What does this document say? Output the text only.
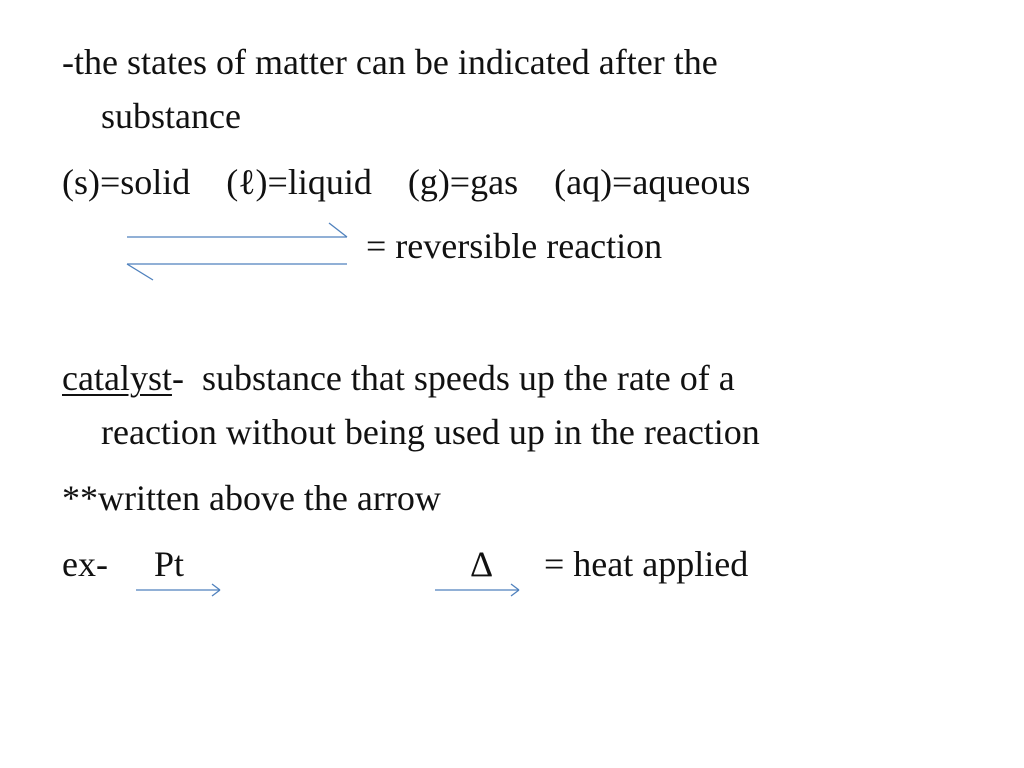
-the states of matter can be indicated after the
substance
(s)=solid    (ℓ)=liquid    (g)=gas    (aq)=aqueous
= reversible reaction
catalyst-  substance that speeds up the rate of a
reaction without being used up in the reaction
**written above the arrow
ex- Pt	Δ = heat applied
